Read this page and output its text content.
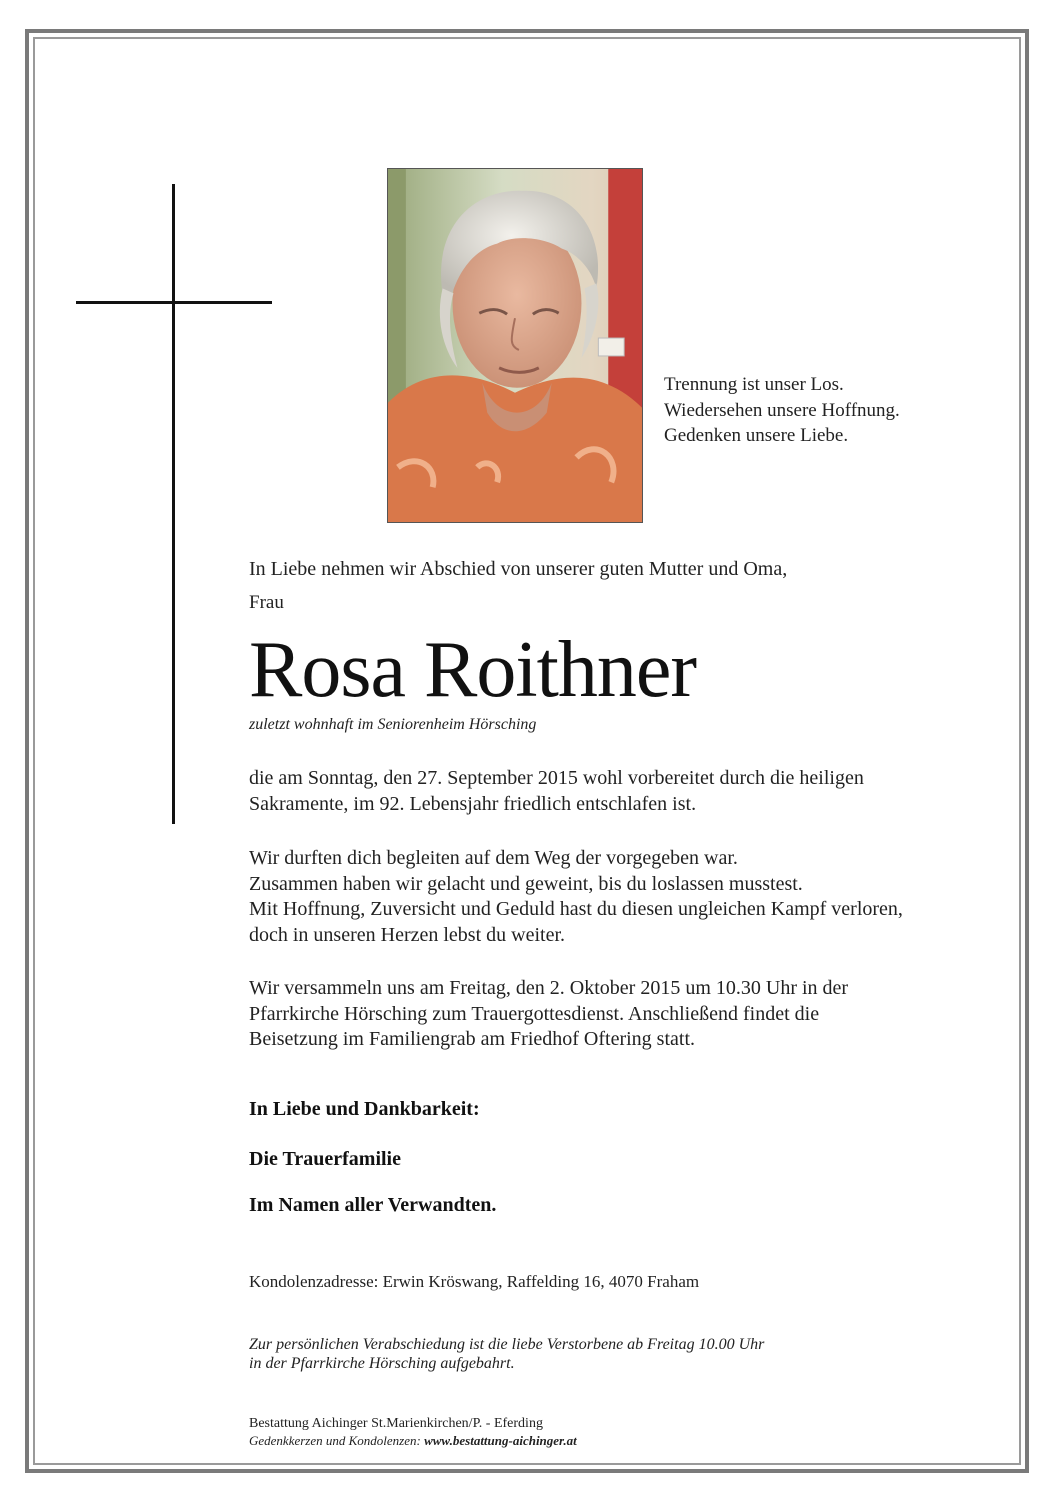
Trennung ist unser Los.
Wiedersehen unsere Hoffnung.
Gedenken unsere Liebe.
In Liebe nehmen wir Abschied von unserer guten Mutter und Oma,
Frau
Rosa Roithner
zuletzt wohnhaft im Seniorenheim Hörsching
die am Sonntag, den 27. September 2015 wohl vorbereitet durch die heiligen
Sakramente, im 92. Lebensjahr friedlich entschlafen ist.
Wir durften dich begleiten auf dem Weg der vorgegeben war.
Zusammen haben wir gelacht und geweint, bis du loslassen musstest.
Mit Hoffnung, Zuversicht und Geduld hast du diesen ungleichen Kampf verloren,
doch in unseren Herzen lebst du weiter.
Wir versammeln uns am Freitag, den 2. Oktober 2015 um 10.30 Uhr in der
Pfarrkirche Hörsching zum Trauergottesdienst. Anschließend findet die
Beisetzung im Familiengrab am Friedhof Oftering statt.
In Liebe und Dankbarkeit:
Die Trauerfamilie
Im Namen aller Verwandten.
Kondolenzadresse: Erwin Kröswang, Raffelding 16, 4070 Fraham
Zur persönlichen Verabschiedung ist die liebe Verstorbene ab Freitag 10.00 Uhr
in der Pfarrkirche Hörsching aufgebahrt.
Bestattung Aichinger St.Marienkirchen/P. - Eferding
Gedenkkerzen und Kondolenzen: www.bestattung-aichinger.at
